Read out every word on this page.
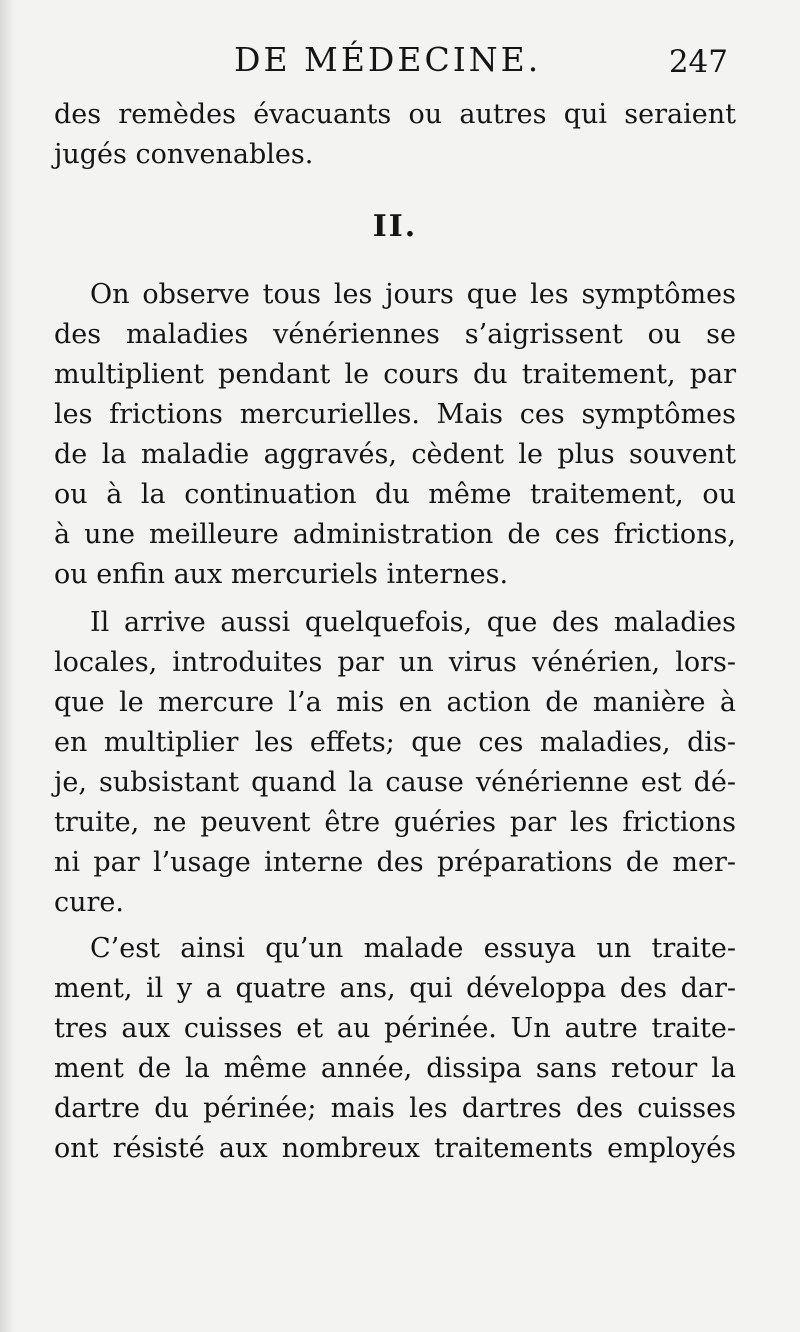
DE MÉDECINE.	247
des remèdes évacuants ou autres qui seraient
jugés convenables.
II.
On observe tous les jours que les symptômes
des maladies vénériennes s’aigrissent ou se
multiplient pendant le cours du traitement, par
les frictions mercurielles. Mais ces symptômes
de la maladie aggravés, cèdent le plus souvent
ou à la continuation du même traitement, ou
à une meilleure administration de ces frictions,
ou enfin aux mercuriels internes.
Il arrive aussi quelquefois, que des maladies
locales, introduites par un virus vénérien, lors-
que le mercure l’a mis en action de manière à
en multiplier les effets; que ces maladies, dis-
je, subsistant quand la cause vénérienne est dé-
truite, ne peuvent être guéries par les frictions
ni par l’usage interne des préparations de mer-
cure.
C’est ainsi qu’un malade essuya un traite-
ment, il y a quatre ans, qui développa des dar-
tres aux cuisses et au périnée. Un autre traite-
ment de la même année, dissipa sans retour la
dartre du périnée; mais les dartres des cuisses
ont résisté aux nombreux traitements employés
